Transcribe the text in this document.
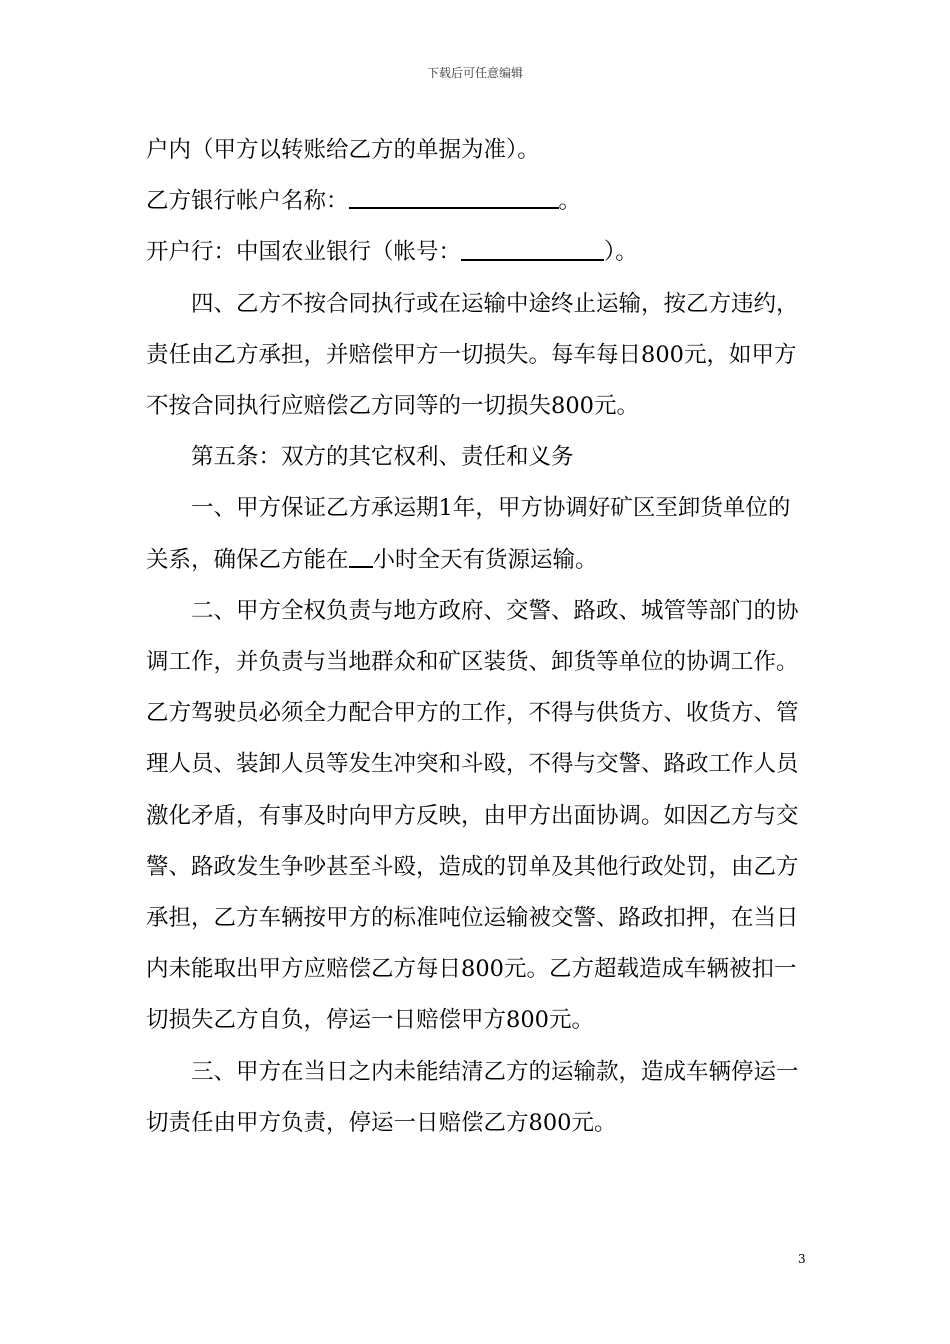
下载后可任意编辑

户内（甲方以转账给乙方的单据为准）。

乙方银行帐户名称：	。

开户行：中国农业银行（帐号：	）。

四、乙方不按合同执行或在运输中途终止运输，按乙方违约，责任由乙方承担，并赔偿甲方一切损失。每车每日800元，如甲方不按合同执行应赔偿乙方同等的一切损失800元。

第五条：双方的其它权利、责任和义务

一、甲方保证乙方承运期1年，甲方协调好矿区至卸货单位的关系，确保乙方能在 小时全天有货源运输。

二、甲方全权负责与地方政府、交警、路政、城管等部门的协调工作，并负责与当地群众和矿区装货、卸货等单位的协调工作。乙方驾驶员必须全力配合甲方的工作，不得与供货方、收货方、管理人员、装卸人员等发生冲突和斗殴，不得与交警、路政工作人员激化矛盾，有事及时向甲方反映，由甲方出面协调。如因乙方与交警、路政发生争吵甚至斗殴，造成的罚单及其他行政处罚，由乙方承担，乙方车辆按甲方的标准吨位运输被交警、路政扣押，在当日内未能取出甲方应赔偿乙方每日800元。乙方超载造成车辆被扣一切损失乙方自负，停运一日赔偿甲方800元。

三、甲方在当日之内未能结清乙方的运输款，造成车辆停运一切责任由甲方负责，停运一日赔偿乙方800元。

3
